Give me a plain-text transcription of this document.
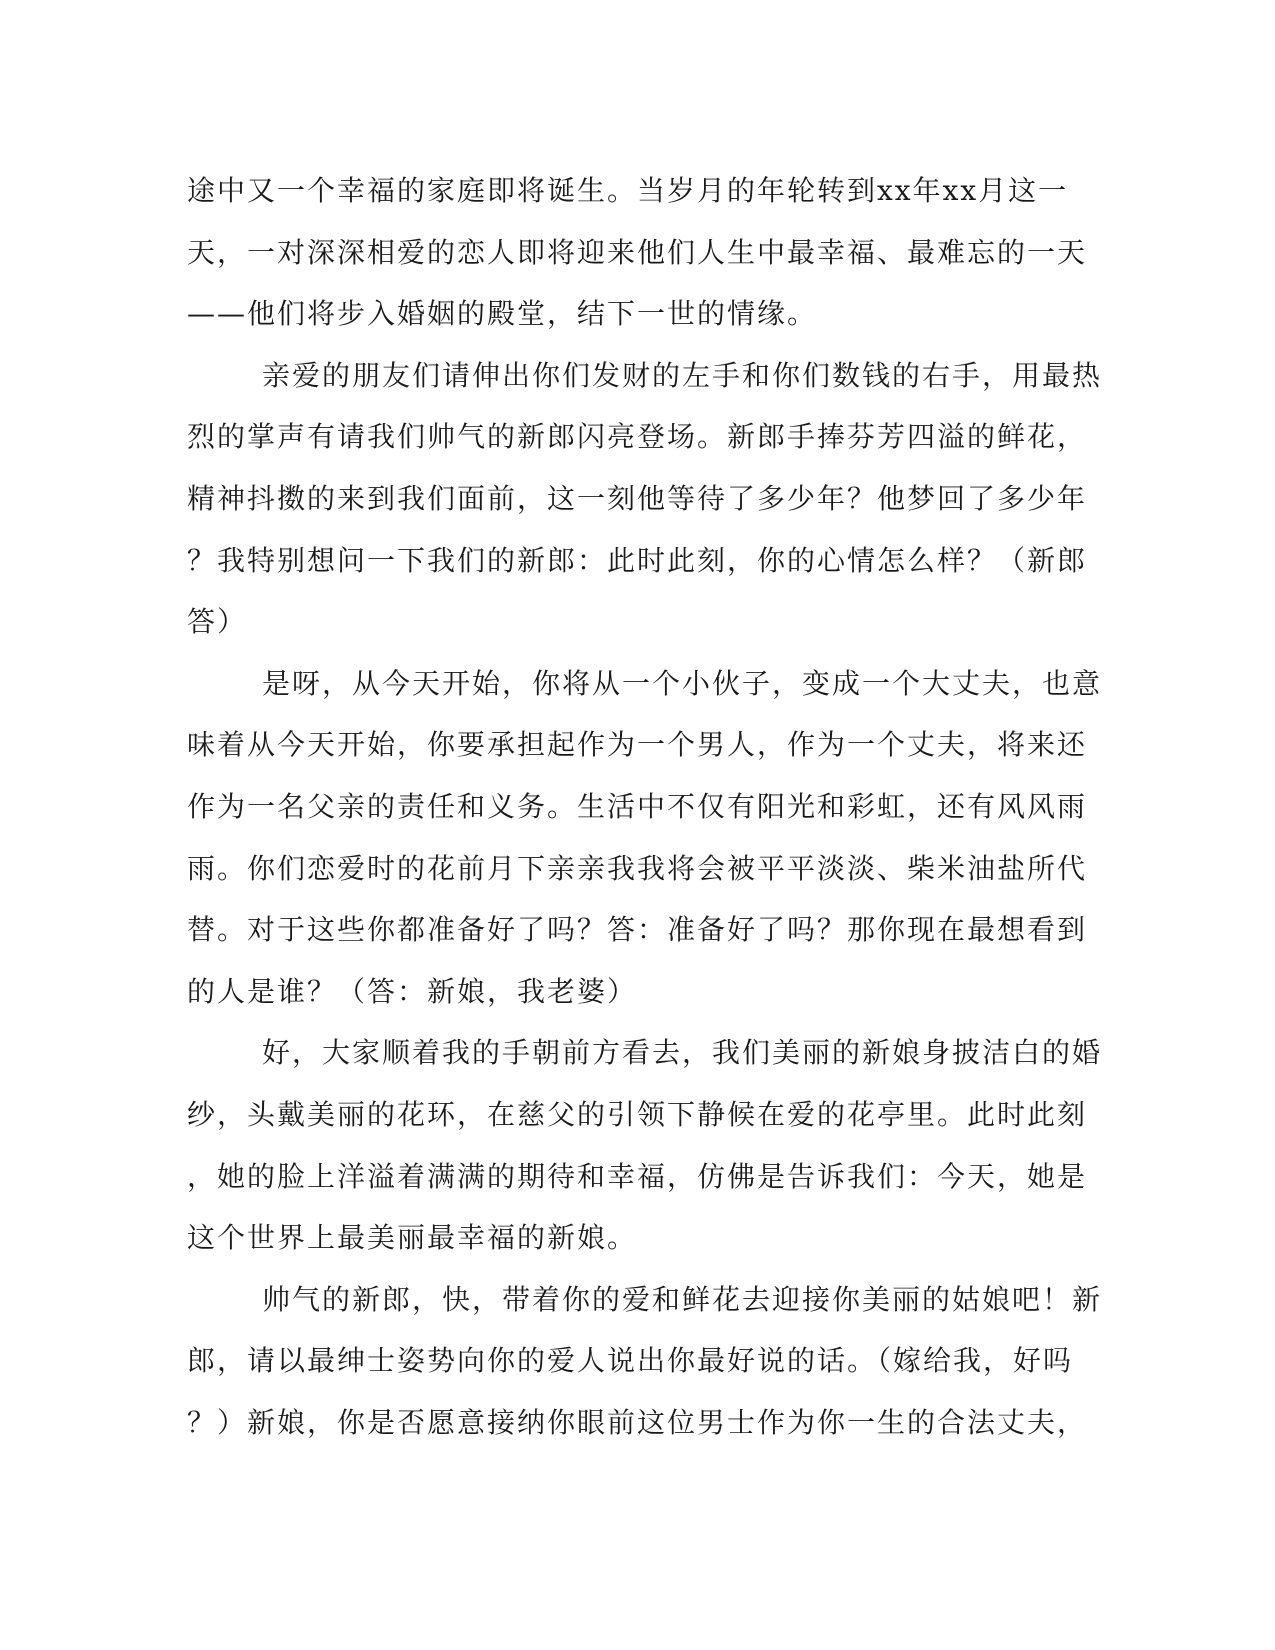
途中又一个幸福的家庭即将诞生。当岁月的年轮转到xx年xx月这一
天，一对深深相爱的恋人即将迎来他们人生中最幸福、最难忘的一天
——他们将步入婚姻的殿堂，结下一世的情缘。
亲爱的朋友们请伸出你们发财的左手和你们数钱的右手，用最热
烈的掌声有请我们帅气的新郎闪亮登场。新郎手捧芬芳四溢的鲜花，
精神抖擞的来到我们面前，这一刻他等待了多少年？他梦回了多少年
？我特别想问一下我们的新郎：此时此刻，你的心情怎么样？（新郎
答）
是呀，从今天开始，你将从一个小伙子，变成一个大丈夫，也意
味着从今天开始，你要承担起作为一个男人，作为一个丈夫，将来还
作为一名父亲的责任和义务。生活中不仅有阳光和彩虹，还有风风雨
雨。你们恋爱时的花前月下亲亲我我将会被平平淡淡、柴米油盐所代
替。对于这些你都准备好了吗？答：准备好了吗？那你现在最想看到
的人是谁？（答：新娘，我老婆）
好，大家顺着我的手朝前方看去，我们美丽的新娘身披洁白的婚
纱，头戴美丽的花环，在慈父的引领下静候在爱的花亭里。此时此刻
，她的脸上洋溢着满满的期待和幸福，仿佛是告诉我们：今天，她是
这个世界上最美丽最幸福的新娘。
帅气的新郎，快，带着你的爱和鲜花去迎接你美丽的姑娘吧！新
郎，请以最绅士姿势向你的爱人说出你最好说的话。（嫁给我，好吗
？）新娘，你是否愿意接纳你眼前这位男士作为你一生的合法丈夫，
